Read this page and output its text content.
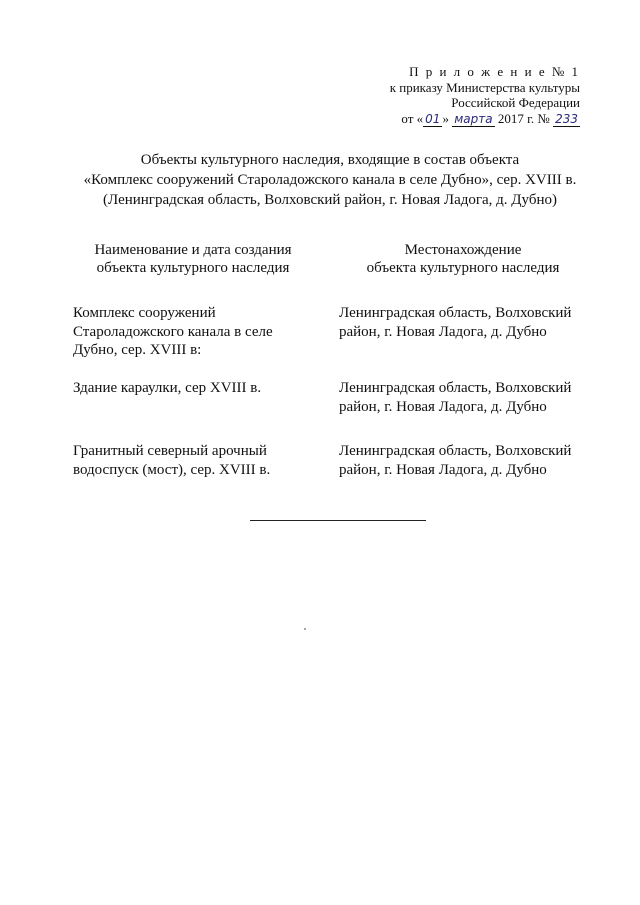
П р и л о ж е н и е № 1
к приказу Министерства культуры
Российской Федерации
от « 01 » марта 2017 г. № 233
Объекты культурного наследия, входящие в состав объекта
«Комплекс сооружений Староладожского канала в селе Дубно», сер. XVIII в.
(Ленинградская область, Волховский район, г. Новая Ладога, д. Дубно)
Наименование и дата создания
объекта культурного наследия
Местонахождение
объекта культурного наследия
Комплекс сооружений
Староладожского канала в селе
Дубно, сер. XVIII в:
Ленинградская область, Волховский
район, г. Новая Ладога, д. Дубно
Здание караулки, сер XVIII в.	Ленинградская область, Волховский
район, г. Новая Ладога, д. Дубно
Гранитный северный арочный
водоспуск (мост), сер. XVIII в.
Ленинградская область, Волховский
район, г. Новая Ладога, д. Дубно
